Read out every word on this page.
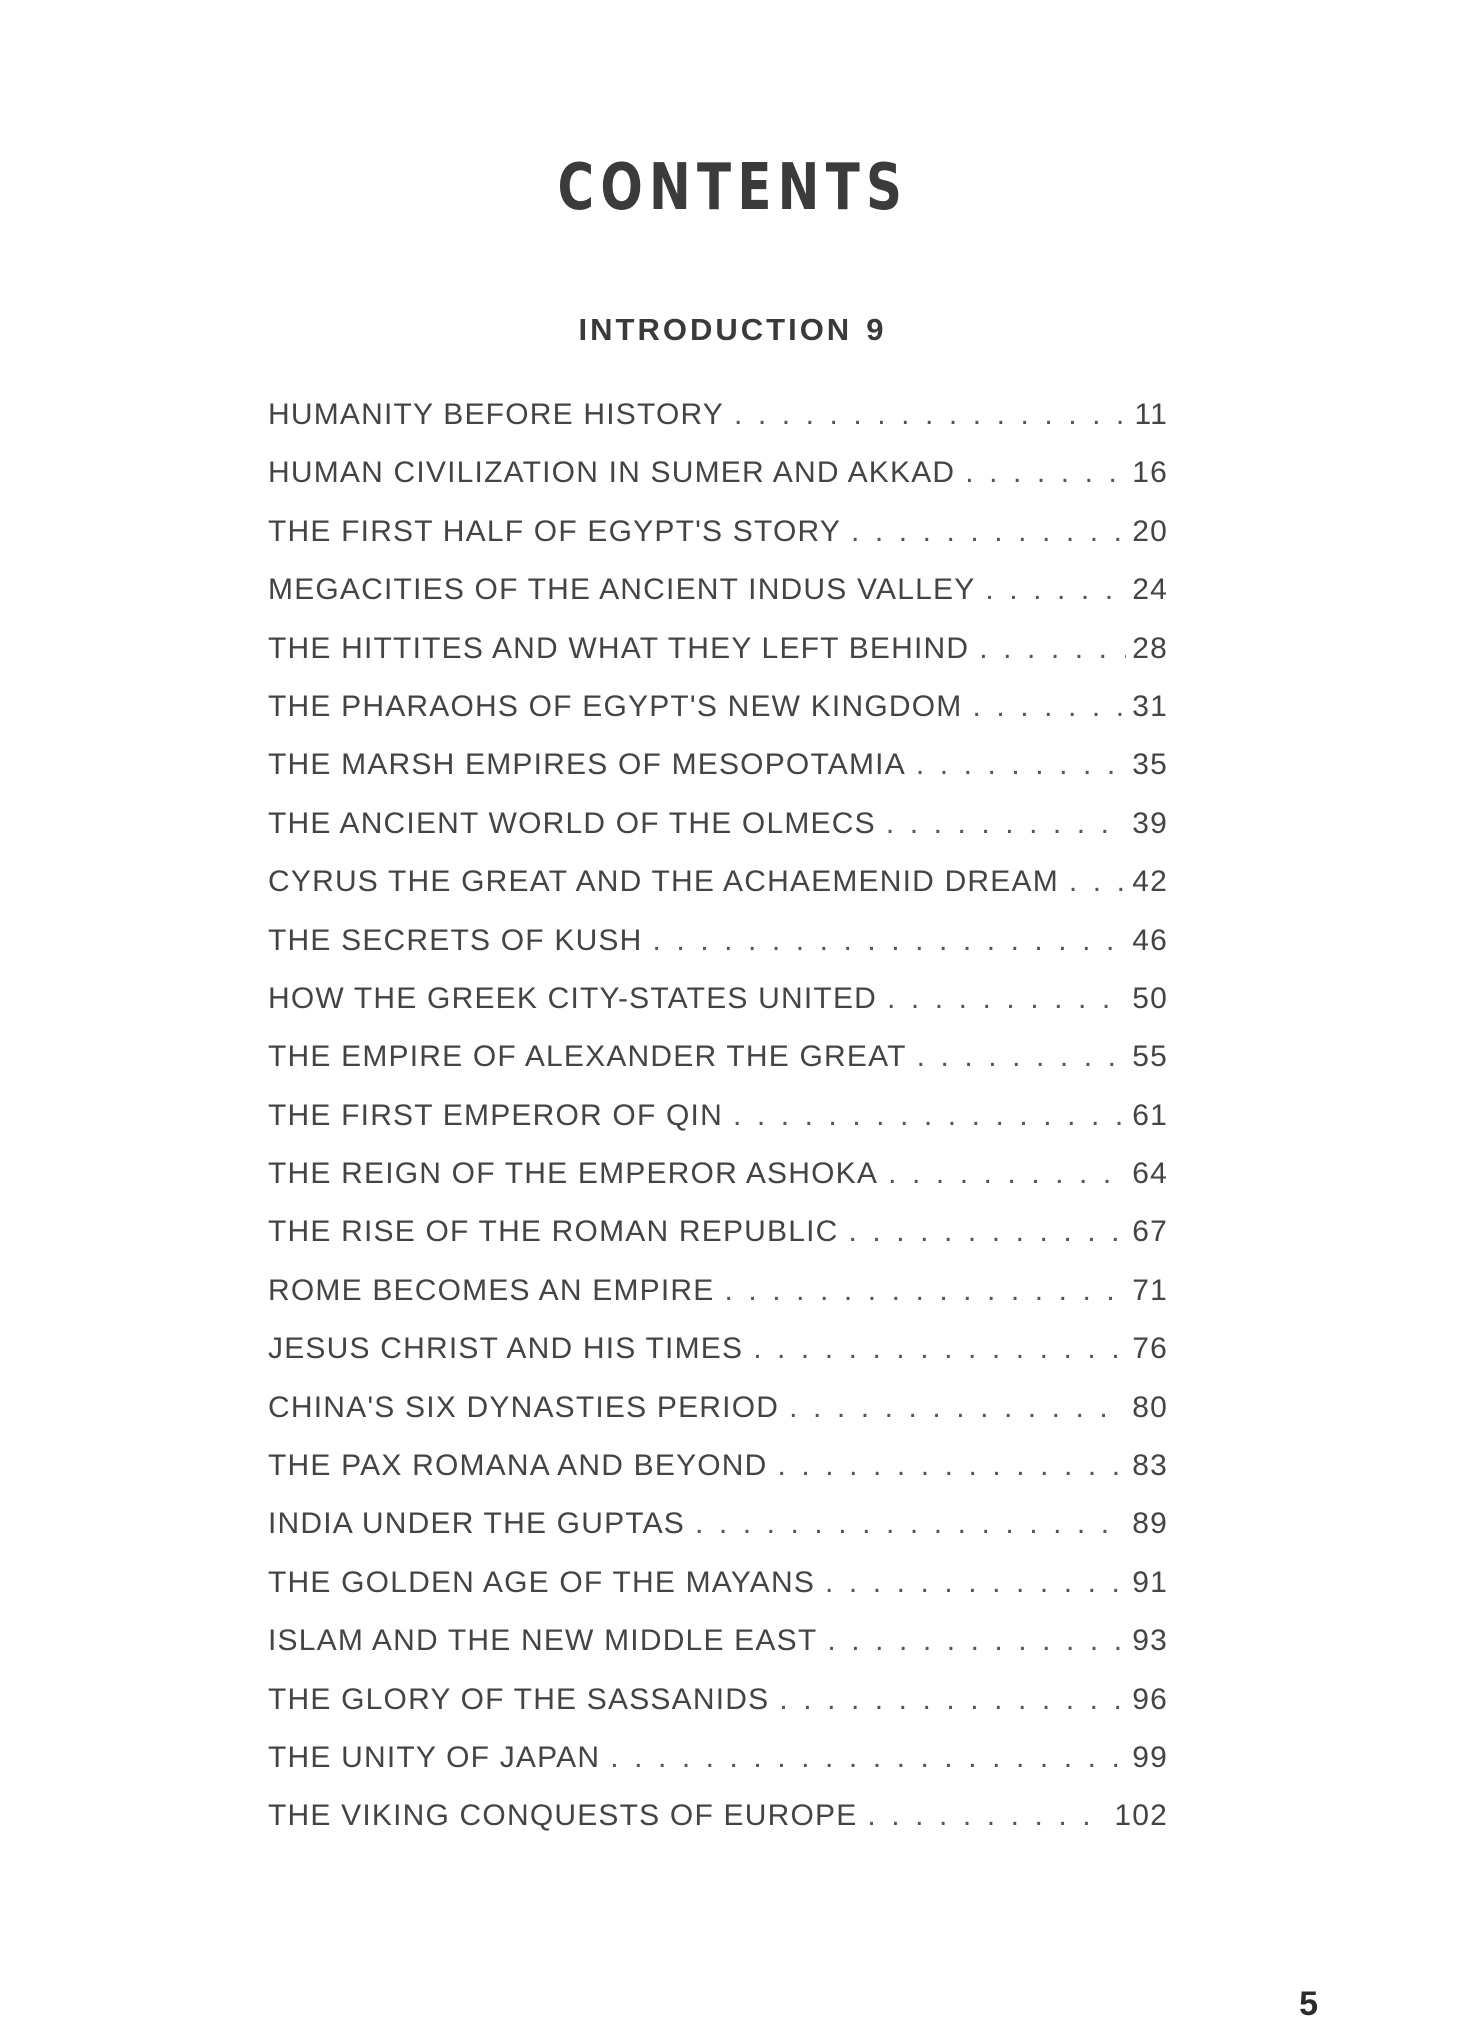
CONTENTS
INTRODUCTION 9
HUMANITY BEFORE HISTORY . . .	11
HUMAN CIVILIZATION IN SUMER AND AKKAD . . .	16
THE FIRST HALF OF EGYPT'S STORY . . .	20
MEGACITIES OF THE ANCIENT INDUS VALLEY . . .	24
THE HITTITES AND WHAT THEY LEFT BEHIND . . .	28
THE PHARAOHS OF EGYPT'S NEW KINGDOM . . .	31
THE MARSH EMPIRES OF MESOPOTAMIA . . .	35
THE ANCIENT WORLD OF THE OLMECS . . .	39
CYRUS THE GREAT AND THE ACHAEMENID DREAM . . . 42
THE SECRETS OF KUSH . . .	46
HOW THE GREEK CITY-STATES UNITED . . .	50
THE EMPIRE OF ALEXANDER THE GREAT . . .	55
THE FIRST EMPEROR OF QIN . . .	61
THE REIGN OF THE EMPEROR ASHOKA . . .	64
THE RISE OF THE ROMAN REPUBLIC . . .	67
ROME BECOMES AN EMPIRE . . .	71
JESUS CHRIST AND HIS TIMES . . .	76
CHINA'S SIX DYNASTIES PERIOD . . .	80
THE PAX ROMANA AND BEYOND . . .	83
INDIA UNDER THE GUPTAS . . .	89
THE GOLDEN AGE OF THE MAYANS . . .	91
ISLAM AND THE NEW MIDDLE EAST . . .	93
THE GLORY OF THE SASSANIDS . . .	96
THE UNITY OF JAPAN . . .	99
THE VIKING CONQUESTS OF EUROPE . . .	102
5
